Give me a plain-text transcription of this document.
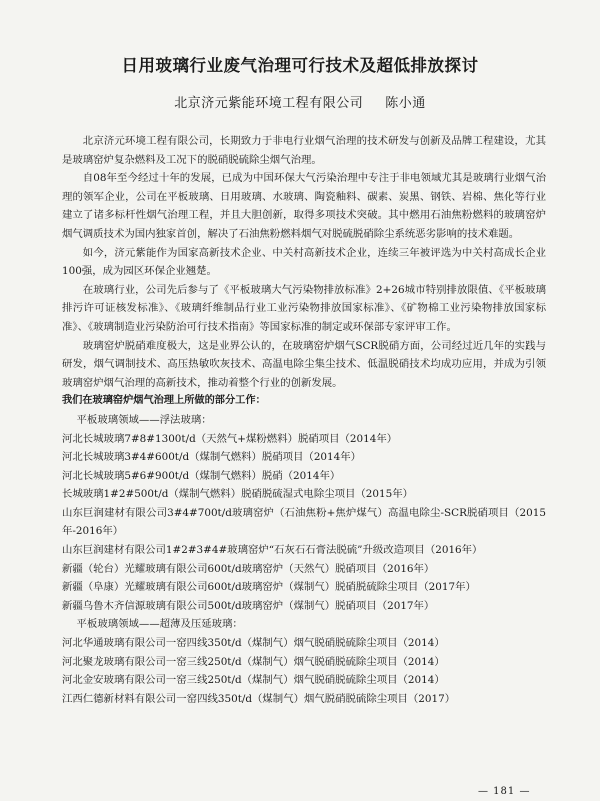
日用玻璃行业废气治理可行技术及超低排放探讨
北京济元紫能环境工程有限公司 陈小通

北京济元环境工程有限公司，长期致力于非电行业烟气治理的技术研发与创新及品牌工程建设，尤其是玻璃窑炉复杂燃料及工况下的脱硝脱硫除尘烟气治理。

自08年至今经过十年的发展，已成为中国环保大气污染治理中专注于非电领域尤其是玻璃行业烟气治理的领军企业，公司在平板玻璃、日用玻璃、水玻璃、陶瓷釉料、碳素、炭黑、钢铁、岩棉、焦化等行业建立了诸多标杆性烟气治理工程，并且大胆创新，取得多项技术突破。其中燃用石油焦粉燃料的玻璃窑炉烟气调质技术为国内独家首创，解决了石油焦粉燃料烟气对脱硫脱硝除尘系统恶劣影响的技术难题。

如今，济元紫能作为国家高新技术企业、中关村高新技术企业，连续三年被评选为中关村高成长企业100强，成为园区环保企业翘楚。

在玻璃行业，公司先后参与了《平板玻璃大气污染物排放标准》2+26城市特别排放限值、《平板玻璃排污许可证核发标准》、《玻璃纤维制品行业工业污染物排放国家标准》、《矿物棉工业污染物排放国家标准》、《玻璃制造业污染防治可行技术指南》等国家标准的制定或环保部专家评审工作。

玻璃窑炉脱硝难度极大，这是业界公认的，在玻璃窑炉烟气SCR脱硝方面，公司经过近几年的实践与研发，烟气调制技术、高压热敏吹灰技术、高温电除尘集尘技术、低温脱硝技术均成功应用，并成为引领玻璃窑炉烟气治理的高新技术，推动着整个行业的创新发展。

我们在玻璃窑炉烟气治理上所做的部分工作：

平板玻璃领域——浮法玻璃：

河北长城玻璃7#8#1300t/d（天然气+煤粉燃料）脱硝项目（2014年）

河北长城玻璃3#4#600t/d（煤制气燃料）脱硝项目（2014年）

河北长城玻璃5#6#900t/d（煤制气燃料）脱硝（2014年）

长城玻璃1#2#500t/d（煤制气燃料）脱硝脱硫湿式电除尘项目（2015年）

山东巨润建材有限公司3#4#700t/d玻璃窑炉（石油焦粉+焦炉煤气）高温电除尘-SCR脱硝项目（2015年-2016年）

山东巨润建材有限公司1#2#3#4#玻璃窑炉“石灰石石膏法脱硫”升级改造项目（2016年）

新疆（轮台）光耀玻璃有限公司600t/d玻璃窑炉（天然气）脱硝项目（2016年）

新疆（阜康）光耀玻璃有限公司600t/d玻璃窑炉（煤制气）脱硝脱硫除尘项目（2017年）

新疆乌鲁木齐信源玻璃有限公司500t/d玻璃窑炉（煤制气）脱硝项目（2017年）

平板玻璃领域——超薄及压延玻璃：

河北华通玻璃有限公司一窑四线350t/d（煤制气）烟气脱硝脱硫除尘项目（2014）

河北聚龙玻璃有限公司一窑三线250t/d（煤制气）烟气脱硝脱硫除尘项目（2014）

河北金安玻璃有限公司一窑三线250t/d（煤制气）烟气脱硝脱硫除尘项目（2014）

江西仁德新材料有限公司一窑四线350t/d（煤制气）烟气脱硝脱硫除尘项目（2017）

— 181 —
